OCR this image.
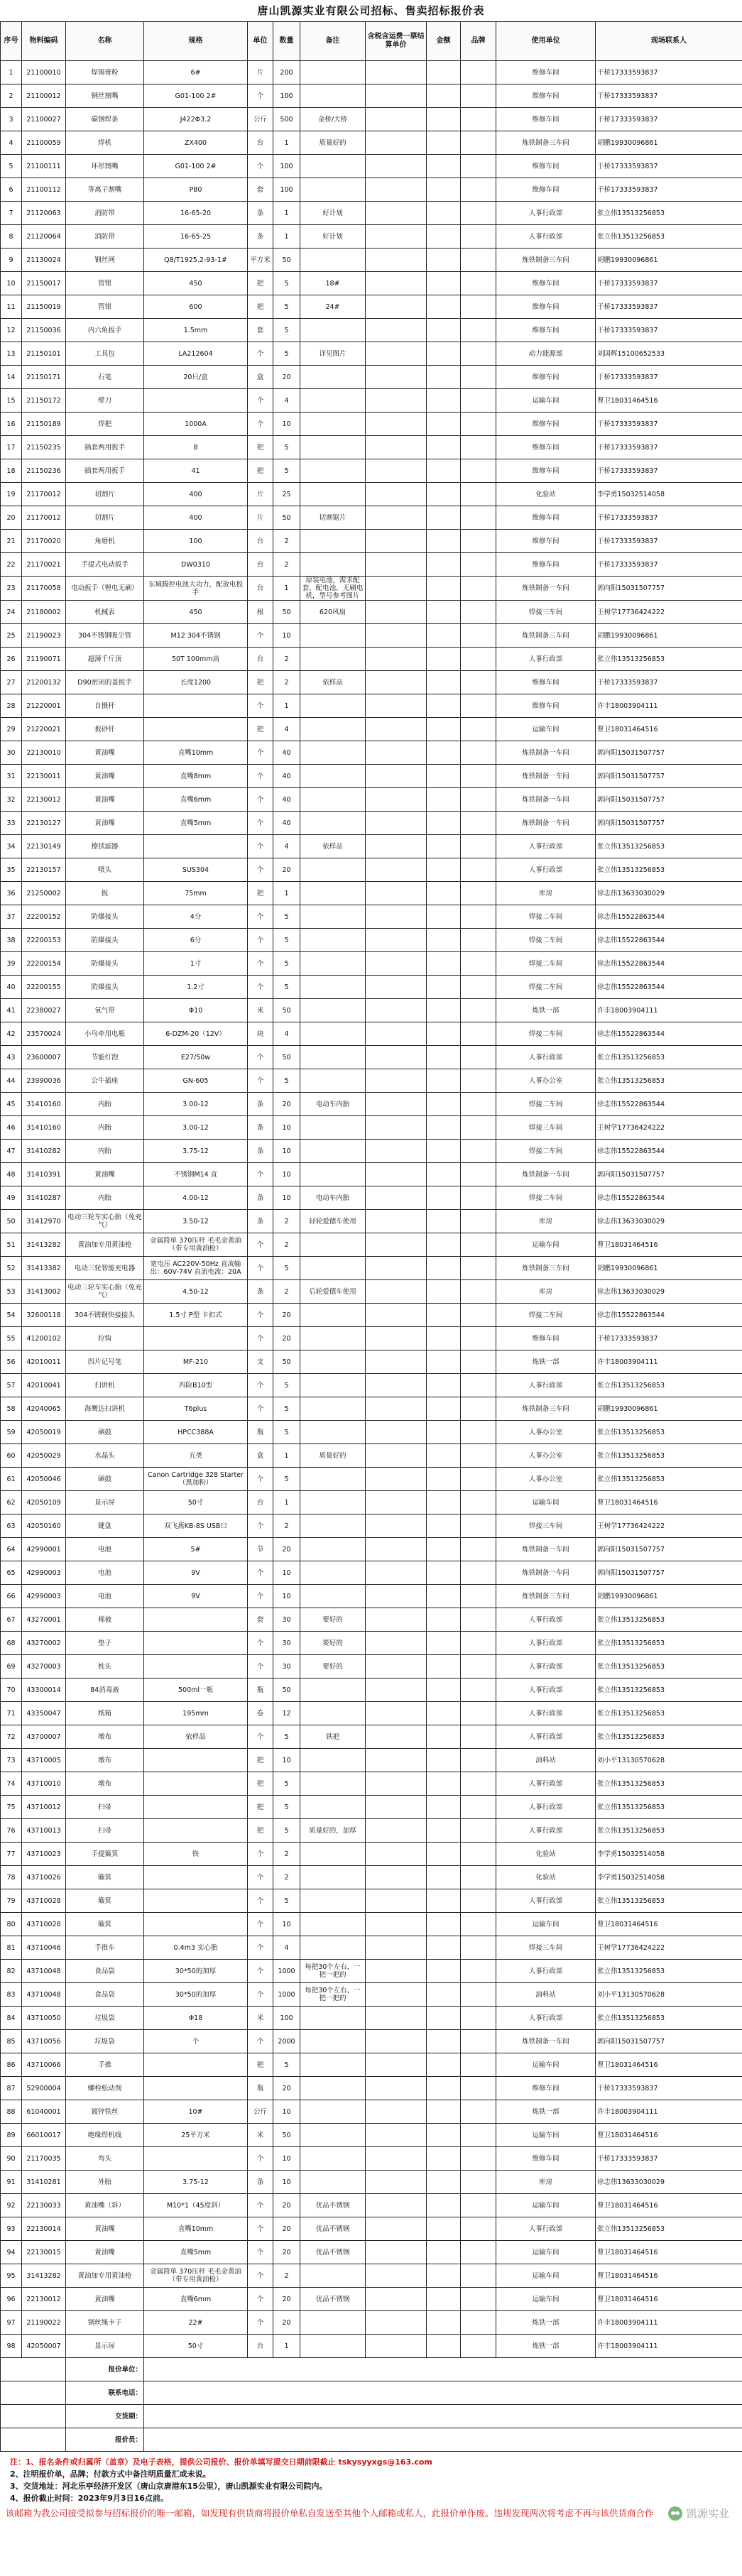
唐山凯源实业有限公司招标、售卖招标报价表
序号	物料编码	名称	规格	单位	数量	备注	含税含运费一票结算单价	金额	品牌	使用单位	现场联系人
1	21100010	焊锡膏粉	6#	片	200					维修车间	于桥17333593837
2	21100012	钢丝割嘴	G01-100 2#	个	100					维修车间	于桥17333593837
3	21100027	碳钢焊条	J422Φ3.2	公斤	500	金桥/大桥				维修车间	于桥17333593837
4	21100059	焊机	ZX400	台	1	质量好的				炼铁制备三车间	胡鹏19930096861
5	21100111	环形割嘴	G01-100 2#	个	100					维修车间	于桥17333593837
6	21100112	等离子割嘴	P80	套	100					维修车间	于桥17333593837
7	21120063	消防带	16-65-20	条	1	好计划				人事行政部	张立伟13513256853
8	21120064	消防带	16-65-25	条	1	好计划				人事行政部	张立伟13513256853
9	21130024	钢丝网	Q8/T1925.2-93-1#	平方米	50					炼铁制备三车间	胡鹏19930096861
10	21150017	管钳	450	把	5	18#				维修车间	于桥17333593837
11	21150019	管钳	600	把	5	24#				维修车间	于桥17333593837
12	21150036	内六角扳手	1.5mm	套	5					维修车间	于桥17333593837
13	21150101	工具包	LA212604	个	5	详见图片				动力能源部	刘国辉15100652533
14	21150171	石笔	20只/盒	盒	20					维修车间	于桥17333593837
15	21150172	壁刀		个	4					运输车间	曹卫18031464516
16	21150189	焊把	1000A	个	10					维修车间	于桥17333593837
17	21150235	插套两用扳手	8	把	5					维修车间	于桥17333593837
18	21150236	插套两用扳手	41	把	5					维修车间	于桥17333593837
19	21170012	切割片	400	片	25					化验站	李学勇15032514058
20	21170012	切割片	400	片	50	切割锯片				维修车间	于桥17333593837
21	21170020	角磨机	100	台	2					维修车间	于桥17333593837
22	21170021	手提式电动扳手	DW0310	台	2					维修车间	于桥17333593837
23	21170058	电动扳手（锂电无刷）	东城腾控电池大功力，配放电扳手	台	1	原装电池，需求配套，配电池，无刷电机，型号参考图片				炼铁制备一车间	郭向阳15031507757
24	21180002	机械表	450	根	50	620风扇				焊接三车间	王树学17736424222
25	21190023	304不锈钢吸尘管	M12 304不锈钢	个	10					炼铁制备三车间	胡鹏19930096861
26	21190071	超薄千斤顶	50T 100mm高	台	2					人事行政部	张立伟13513256853
27	21200132	D90密闭的盖扳手	长度1200	把	2	依样品				维修车间	于桥17333593837
28	21220001	自摄杆		个	1					维修车间	许丰18003904111
29	21220021	扳砂钎		把	4					运输车间	曹卫18031464516
30	22130010	黄油嘴	直嘴10mm	个	40					炼铁制备一车间	郭向阳15031507757
31	22130011	黄油嘴	直嘴8mm	个	40					炼铁制备一车间	郭向阳15031507757
32	22130012	黄油嘴	直嘴6mm	个	40					炼铁制备一车间	郭向阳15031507757
33	22130127	黄油嘴	直嘴5mm	个	40					炼铁制备一车间	郭向阳15031507757
34	22130149	擦拭滤器		个	4	依样品				人事行政部	张立伟13513256853
35	22130157	喷头	SUS304	个	20					人事行政部	张立伟13513256853
36	21250002	扳	75mm	把	1					库房	徐志伟13633030029
37	22200152	防爆接头	4分	个	5					焊接二车间	徐志伟15522863544
38	22200153	防爆接头	6分	个	5					焊接二车间	徐志伟15522863544
39	22200154	防爆接头	1寸	个	5					焊接二车间	徐志伟15522863544
40	22200155	防爆接头	1.2寸	个	5					焊接二车间	徐志伟15522863544
41	22380027	氧气带	Φ10	米	50					炼铁一部	许丰18003904111
42	23570024	小鸟牵用电瓶	6-DZM-20（12V）	块	4					焊接二车间	徐志伟15522863544
43	23600007	节能灯泡	E27/50w	个	50					人事行政部	张立伟13513256853
44	23990036	公牛插座	GN-605	个	5					人事办公室	张立伟13513256853
45	31410160	内胎	3.00-12	条	20	电动车内胎				焊接二车间	徐志伟15522863544
46	31410160	内胎	3.00-12	条	10					焊接三车间	王树学17736424222
47	31410282	内胎	3.75-12	条	10					焊接二车间	徐志伟15522863544
48	31410391	黄油嘴	不锈钢M14 直	个	10					炼铁制备一车间	郭向阳15031507757
49	31410287	内胎	4.00-12	条	10	电动车内胎				焊接二车间	徐志伟15522863544
50	31412970	电动三轮车实心胎（免充气）	3.50-12	条	2	轻轮爱德车使用				库房	徐志伟13633030029
51	31413282	黄油加专用黄油枪	金属简单 370压杆 毛毛金黄油（带专用黄油枪）	个	2					运输车间	曹卫18031464516
52	31413382	电动三轮智能充电器	宽电压 AC220V-50Hz 直流输出：60V-74V 直流电流：20A	个	5					炼铁制备三车间	胡鹏19930096861
53	31413002	电动三轮车实心胎（免充气）	4.50-12	条	2	后轮爱德车使用				库房	徐志伟13633030029
54	32600118	304不锈钢快接接头	1.5寸 P型 卡扣式	个	20					焊接二车间	徐志伟15522863544
55	41200102	拉钩		个	20					维修车间	于桥17333593837
56	42010011	四片记号笔	MF-210	支	50					炼铁一部	许丰18003904111
57	42010041	扫讲机	四险B10型	个	5					人事行政部	张立伟13513256853
58	42040065	海鹰达扫讲机	T6plus	个	5					炼铁制备三车间	胡鹏19930096861
59	42050019	硒鼓	HPCC388A	瓶	5					人事办公室	张立伟13513256853
60	42050029	水晶头	五类	盒	1	质量好的				人事办公室	张立伟13513256853
61	42050046	硒鼓	Canon Cartridge 328 Starter（黑加粉）	个	5					人事办公室	张立伟13513256853
62	42050109	显示屏	50寸	台	1					运输车间	曹卫18031464516
63	42050160	键盘	双飞燕KB-8S USB口	个	2					焊接三车间	王树学17736424222
64	42990001	电池	5#	节	20					炼铁制备一车间	郭向阳15031507757
65	42990003	电池	9V	个	10					炼铁制备一车间	郭向阳15031507757
66	42990003	电池	9V	个	10					炼铁制备三车间	胡鹏19930096861
67	43270001	棉被		套	30	要好的				人事行政部	张立伟13513256853
68	43270002	垫子		个	30	要好的				人事行政部	张立伟13513256853
69	43270003	枕头		个	30	要好的				人事行政部	张立伟13513256853
70	43300014	84消毒液	500ml一瓶	瓶	50					人事行政部	张立伟13513256853
71	43350047	纸箱	195mm	卷	12					人事行政部	张立伟13513256853
72	43700007	墩布	依样品	个	5	铁把				人事行政部	张立伟13513256853
73	43710005	墩布		把	10					油料站	刘小平13130570628
74	43710010	墩布		把	5					人事行政部	张立伟13513256853
75	43710012	扫帚		把	5					人事行政部	张立伟13513256853
76	43710013	扫帚		把	5	质量好的，加厚				人事行政部	张立伟13513256853
77	43710023	手提簸箕	铁	个	2					化验站	李学勇15032514058
78	43710026	簸箕		个	2					化验站	李学勇15032514058
79	43710028	簸箕		个	5					人事行政部	张立伟13513256853
80	43710028	簸箕		个	10					运输车间	曹卫18031464516
81	43710046	手推车	0.4m3 实心胎	个	4					焊接三车间	王树学17736424222
82	43710048	食品袋	30*50的加厚	个	1000	每把30个左右，一把一把的				人事行政部	张立伟13513256853
83	43710048	食品袋	30*50的加厚	个	1000	每把30个左右，一把一把的				油料站	刘小平13130570628
84	43710050	垃圾袋	Φ18	米	100					人事行政部	张立伟13513256853
85	43710056	垃圾袋	个	个	2000					炼铁制备一车间	郭向阳15031507757
86	43710066	手推		把	5					运输车间	曹卫18031464516
87	52900004	螺栓松动剂		瓶	20					维修车间	于桥17333593837
88	61040001	镀锌铁丝	10#	公斤	10					炼铁一部	许丰18003904111
89	66010017	绝缘焊机线	25平方米	米	50					运输车间	曹卫18031464516
90	21170035	弯头		个	10					维修车间	于桥17333593837
91	31410281	外胎	3.75-12	条	10					库房	徐志伟13633030029
92	22130033	黄油嘴（斜）	M10*1（45度斜）	个	20	优品不锈钢				运输车间	曹卫18031464516
93	22130014	黄油嘴	直嘴10mm	个	20	优品不锈钢				人事行政部	张立伟13513256853
94	22130015	黄油嘴	直嘴5mm	个	20	优品不锈钢				运输车间	曹卫18031464516
95	31413282	黄油加专用黄油枪	金属简单 370压杆 毛毛金黄油（带专用黄油枪）	个	2					运输车间	曹卫18031464516
96	22130012	黄油嘴	直嘴6mm	个	20	优品不锈钢				运输车间	曹卫18031464516
97	21190022	钢丝绳卡子	22#	个	20					炼铁一部	许丰18003904111
98	42050007	显示屏	50寸	台	1					炼铁一部	许丰18003904111
		报价单位：									
		联系电话：									
		交货期：									
		报价员：									
注：1、报名条件或归属所（盖章）及电子表格，提供公司报价、报价单填写提交日期前限截止 tskysyyxgs@163.com
2、注明报价单，品牌；付款方式中备注明质量汇或未说。
3、交货地址：河北乐亭经济开发区（唐山京唐港东15公里），唐山凯源实业有限公司院内。
4、报价截止时间：2023年9月3日16点前。
该邮箱为我公司接受拟参与招标报价的唯一邮箱，如发现有供货商将报价单私自发送至其他个人邮箱或私人，此报价单作废。违规发现两次将考虑不再与该供货商合作	凯源实业
